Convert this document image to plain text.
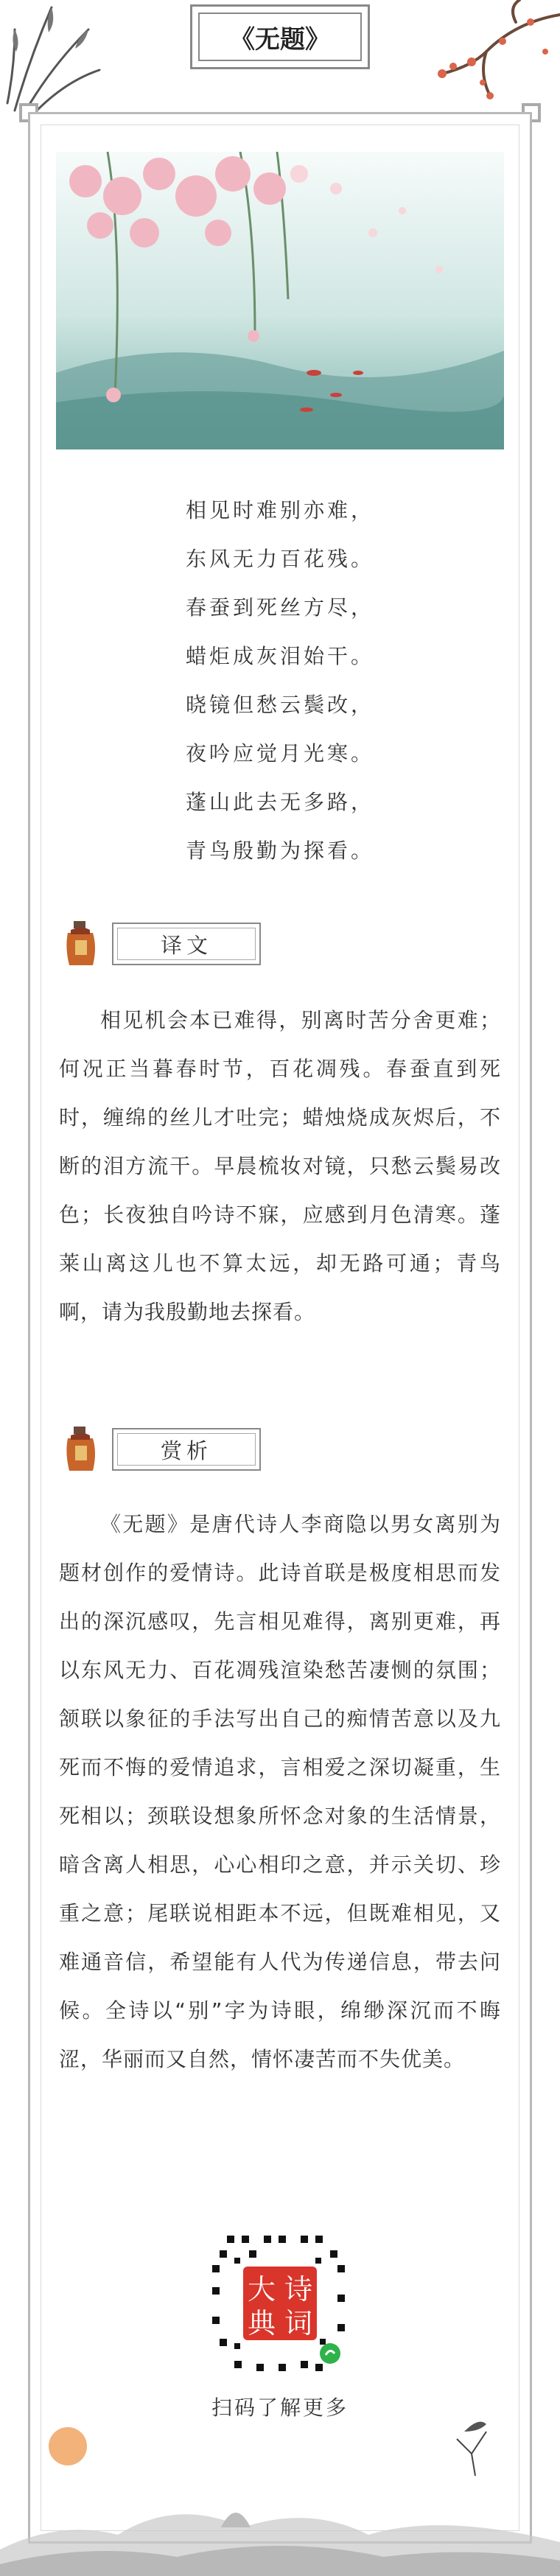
《无题》
相见时难别亦难，
东风无力百花残。
春蚕到死丝方尽，
蜡炬成灰泪始干。
晓镜但愁云鬓改，
夜吟应觉月光寒。
蓬山此去无多路，
青鸟殷勤为探看。
译文
相见机会本已难得，别离时苦分舍更难；何况正当暮春时节，百花凋残。春蚕直到死时，缠绵的丝儿才吐完；蜡烛烧成灰烬后，不断的泪方流干。早晨梳妆对镜，只愁云鬓易改色；长夜独自吟诗不寐，应感到月色清寒。蓬莱山离这儿也不算太远，却无路可通；青鸟啊，请为我殷勤地去探看。
赏析
《无题》是唐代诗人李商隐以男女离别为题材创作的爱情诗。此诗首联是极度相思而发出的深沉感叹，先言相见难得，离别更难，再以东风无力、百花凋残渲染愁苦凄恻的氛围；颔联以象征的手法写出自己的痴情苦意以及九死而不悔的爱情追求，言相爱之深切凝重，生死相以；颈联设想象所怀念对象的生活情景，暗含离人相思，心心相印之意，并示关切、珍重之意；尾联说相距本不远，但既难相见，又难通音信，希望能有人代为传递信息，带去问候。全诗以“别”字为诗眼，绵缈深沉而不晦涩，华丽而又自然，情怀凄苦而不失优美。
大 诗
典 词
扫码了解更多
